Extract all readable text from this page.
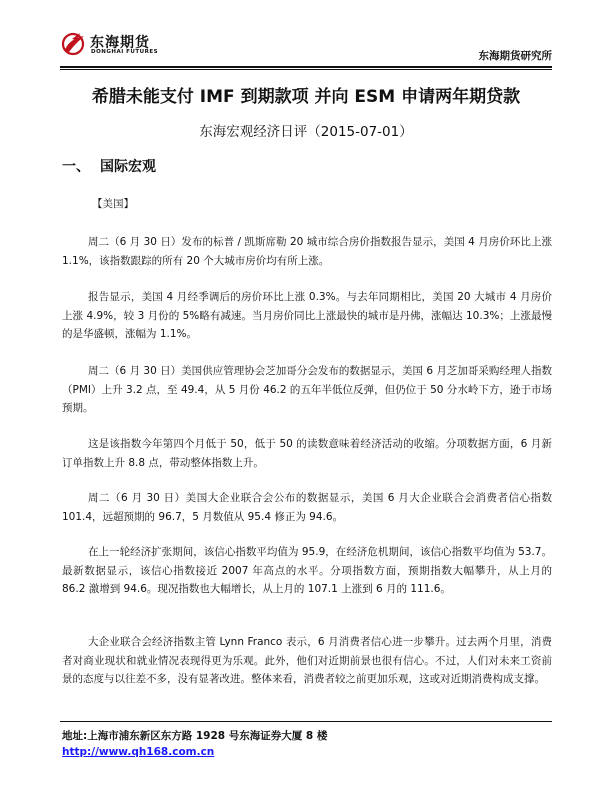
东海期货
DONGHAI FUTURES	东海期货研究所
希腊未能支付 IMF 到期款项 并向 ESM 申请两年期贷款
东海宏观经济日评（2015-07-01）
一、 国际宏观
【美国】

周二（6 月 30 日）发布的标普 / 凯斯席勒 20 城市综合房价指数报告显示，美国 4 月房价环比上涨 1.1%，该指数跟踪的所有 20 个大城市房价均有所上涨。

报告显示，美国 4 月经季调后的房价环比上涨 0.3%。与去年同期相比，美国 20 大城市 4 月房价上涨 4.9%，较 3 月份的 5%略有减速。当月房价同比上涨最快的城市是丹佛，涨幅达 10.3%；上涨最慢的是华盛顿，涨幅为 1.1%。

周二（6 月 30 日）美国供应管理协会芝加哥分会发布的数据显示，美国 6 月芝加哥采购经理人指数（PMI）上升 3.2 点，至 49.4，从 5 月份 46.2 的五年半低位反弹，但仍位于 50 分水岭下方，逊于市场预期。

这是该指数今年第四个月低于 50，低于 50 的读数意味着经济活动的收缩。分项数据方面，6 月新订单指数上升 8.8 点，带动整体指数上升。

周二（6 月 30 日）美国大企业联合会公布的数据显示，美国 6 月大企业联合会消费者信心指数 101.4，远超预期的 96.7，5 月数值从 95.4 修正为 94.6。

在上一轮经济扩张期间，该信心指数平均值为 95.9，在经济危机期间，该信心指数平均值为 53.7。最新数据显示，该信心指数接近 2007 年高点的水平。分项指数方面，预期指数大幅攀升，从上月的 86.2 激增到 94.6。现况指数也大幅增长，从上月的 107.1 上涨到 6 月的 111.6。

大企业联合会经济指数主管 Lynn Franco 表示，6 月消费者信心进一步攀升。过去两个月里，消费者对商业现状和就业情况表现得更为乐观。此外，他们对近期前景也很有信心。不过，人们对未来工资前景的态度与以往差不多，没有显著改进。整体来看，消费者较之前更加乐观，这或对近期消费构成支撑。

地址:上海市浦东新区东方路 1928 号东海证券大厦 8 楼
http://www.qh168.com.cn
